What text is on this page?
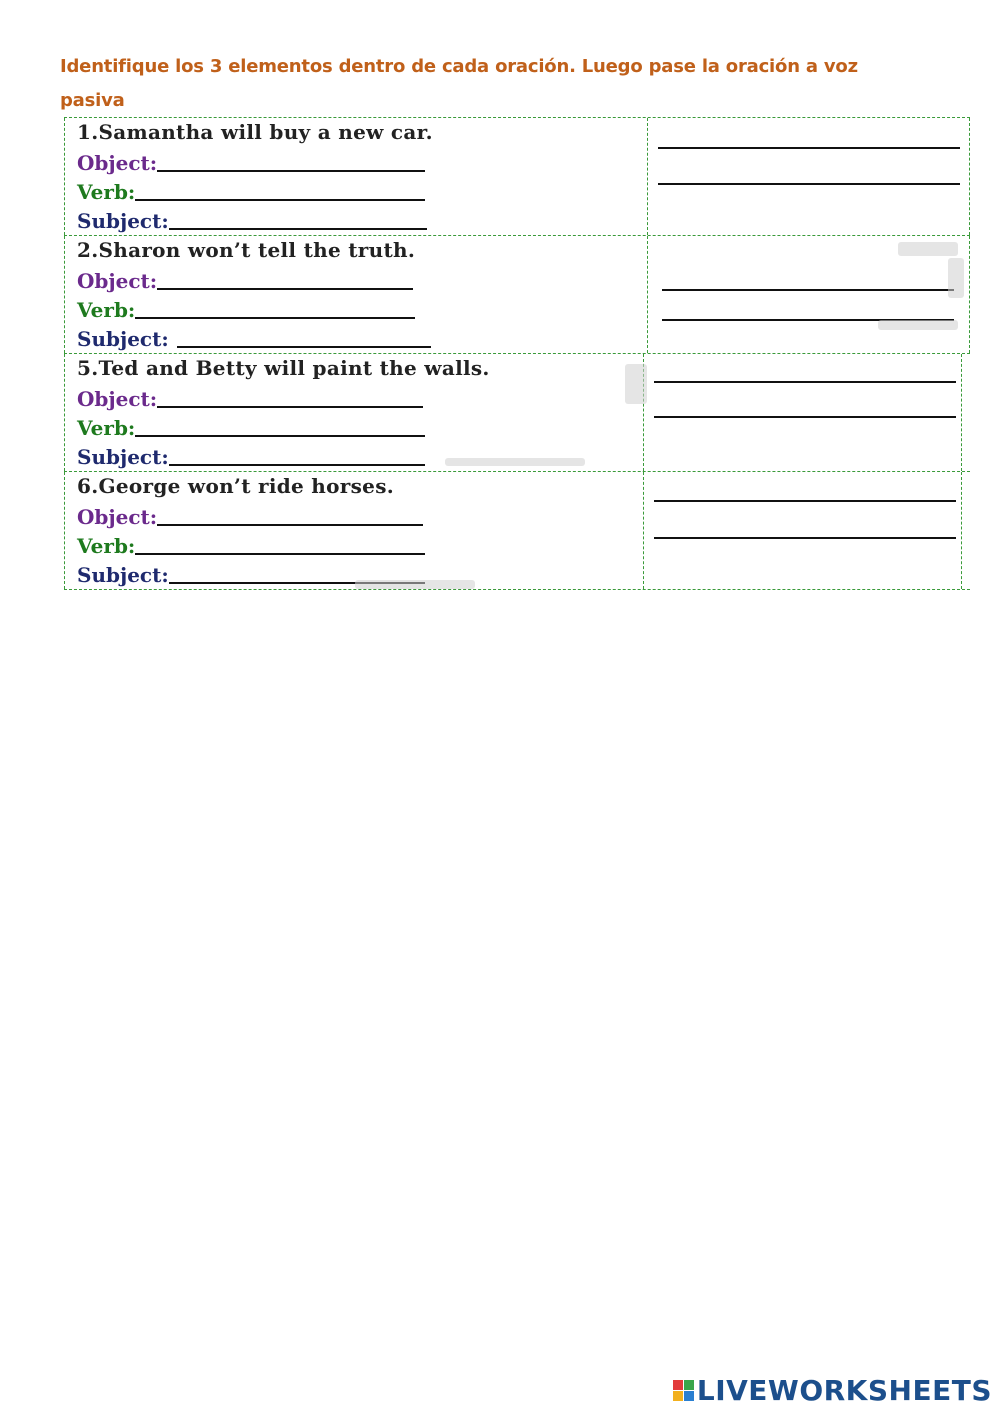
Identifique los 3 elementos dentro de cada oración. Luego pase la oración a voz pasiva
1.Samantha will buy a new car.
Object:
Verb:
Subject:
2.Sharon won’t tell the truth.
Object:
Verb:
Subject:
5.Ted and Betty will paint the walls.
Object:
Verb:
Subject:
6.George won’t ride horses.
Object:
Verb:
Subject:
LIVEWORKSHEETS
